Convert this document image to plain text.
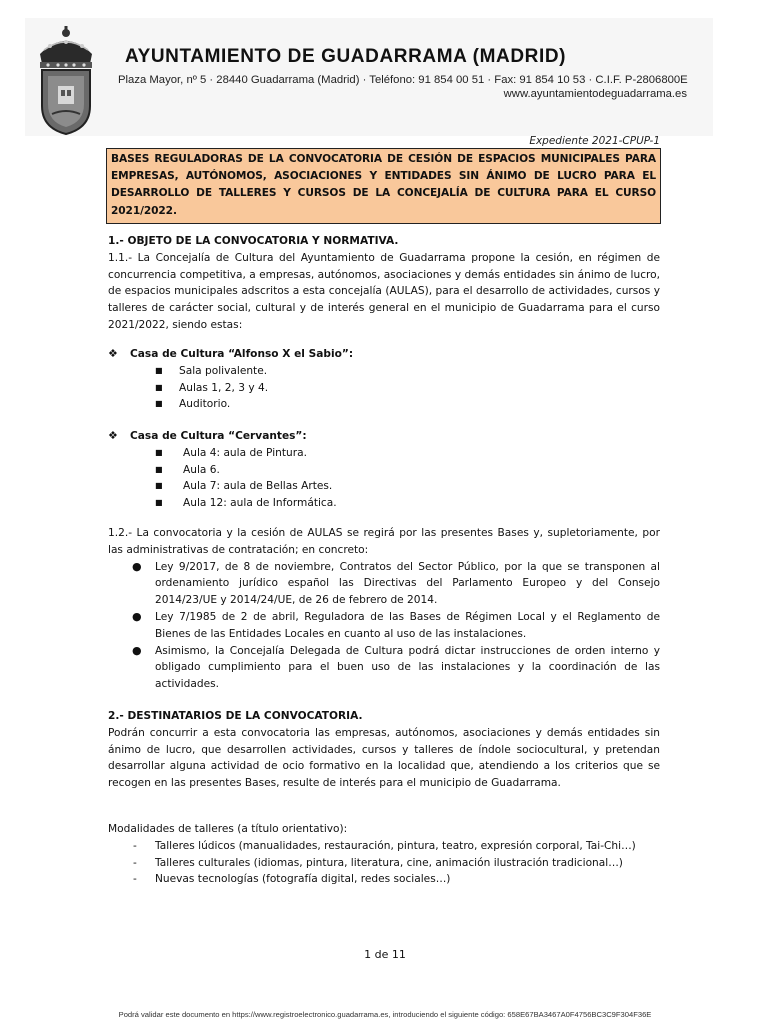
AYUNTAMIENTO DE GUADARRAMA (MADRID)
Plaza Mayor, nº 5 · 28440 Guadarrama (Madrid) · Teléfono: 91 854 00 51 · Fax: 91 854 10 53 · C.I.F. P-2806800E
www.ayuntamientodeguadarrama.es
Expediente 2021-CPUP-1
BASES REGULADORAS DE LA CONVOCATORIA DE CESIÓN DE ESPACIOS MUNICIPALES PARA EMPRESAS, AUTÓNOMOS, ASOCIACIONES Y ENTIDADES SIN ÁNIMO DE LUCRO PARA EL DESARROLLO DE TALLERES Y CURSOS DE LA CONCEJALÍA DE CULTURA PARA EL CURSO 2021/2022.

1.- OBJETO DE LA CONVOCATORIA Y NORMATIVA.

1.1.- La Concejalía de Cultura del Ayuntamiento de Guadarrama propone la cesión, en régimen de concurrencia competitiva, a empresas, autónomos, asociaciones y demás entidades sin ánimo de lucro, de espacios municipales adscritos a esta concejalía (AULAS), para el desarrollo de actividades, cursos y talleres de carácter social, cultural y de interés general en el municipio de Guadarrama para el curso 2021/2022, siendo estas:

❖ Casa de Cultura “Alfonso X el Sabio”:

■ Sala polivalente.
■ Aulas 1, 2, 3 y 4.
■ Auditorio.

❖ Casa de Cultura “Cervantes”:

■ Aula 4: aula de Pintura.
■ Aula 6.
■ Aula 7: aula de Bellas Artes.
■ Aula 12: aula de Informática.

1.2.- La convocatoria y la cesión de AULAS se regirá por las presentes Bases y, supletoriamente, por las administrativas de contratación; en concreto:

● Ley 9/2017, de 8 de noviembre, Contratos del Sector Público, por la que se transponen al ordenamiento jurídico español las Directivas del Parlamento Europeo y del Consejo 2014/23/UE y 2014/24/UE, de 26 de febrero de 2014.
● Ley 7/1985 de 2 de abril, Reguladora de las Bases de Régimen Local y el Reglamento de Bienes de las Entidades Locales en cuanto al uso de las instalaciones.
● Asimismo, la Concejalía Delegada de Cultura podrá dictar instrucciones de orden interno y obligado cumplimiento para el buen uso de las instalaciones y la coordinación de las actividades.

2.- DESTINATARIOS DE LA CONVOCATORIA.

Podrán concurrir a esta convocatoria las empresas, autónomos, asociaciones y demás entidades sin ánimo de lucro, que desarrollen actividades, cursos y talleres de índole sociocultural, y pretendan desarrollar alguna actividad de ocio formativo en la localidad que, atendiendo a los criterios que se recogen en las presentes Bases, resulte de interés para el municipio de Guadarrama.

Modalidades de talleres (a título orientativo):

- Talleres lúdicos (manualidades, restauración, pintura, teatro, expresión corporal, Tai-Chi…)
- Talleres culturales (idiomas, pintura, literatura, cine, animación ilustración tradicional…)
- Nuevas tecnologías (fotografía digital, redes sociales…)
1 de 11
Podrá validar este documento en https://www.registroelectronico.guadarrama.es, introduciendo el siguiente código: 658E67BA3467A0F4756BC3C9F304F36E
